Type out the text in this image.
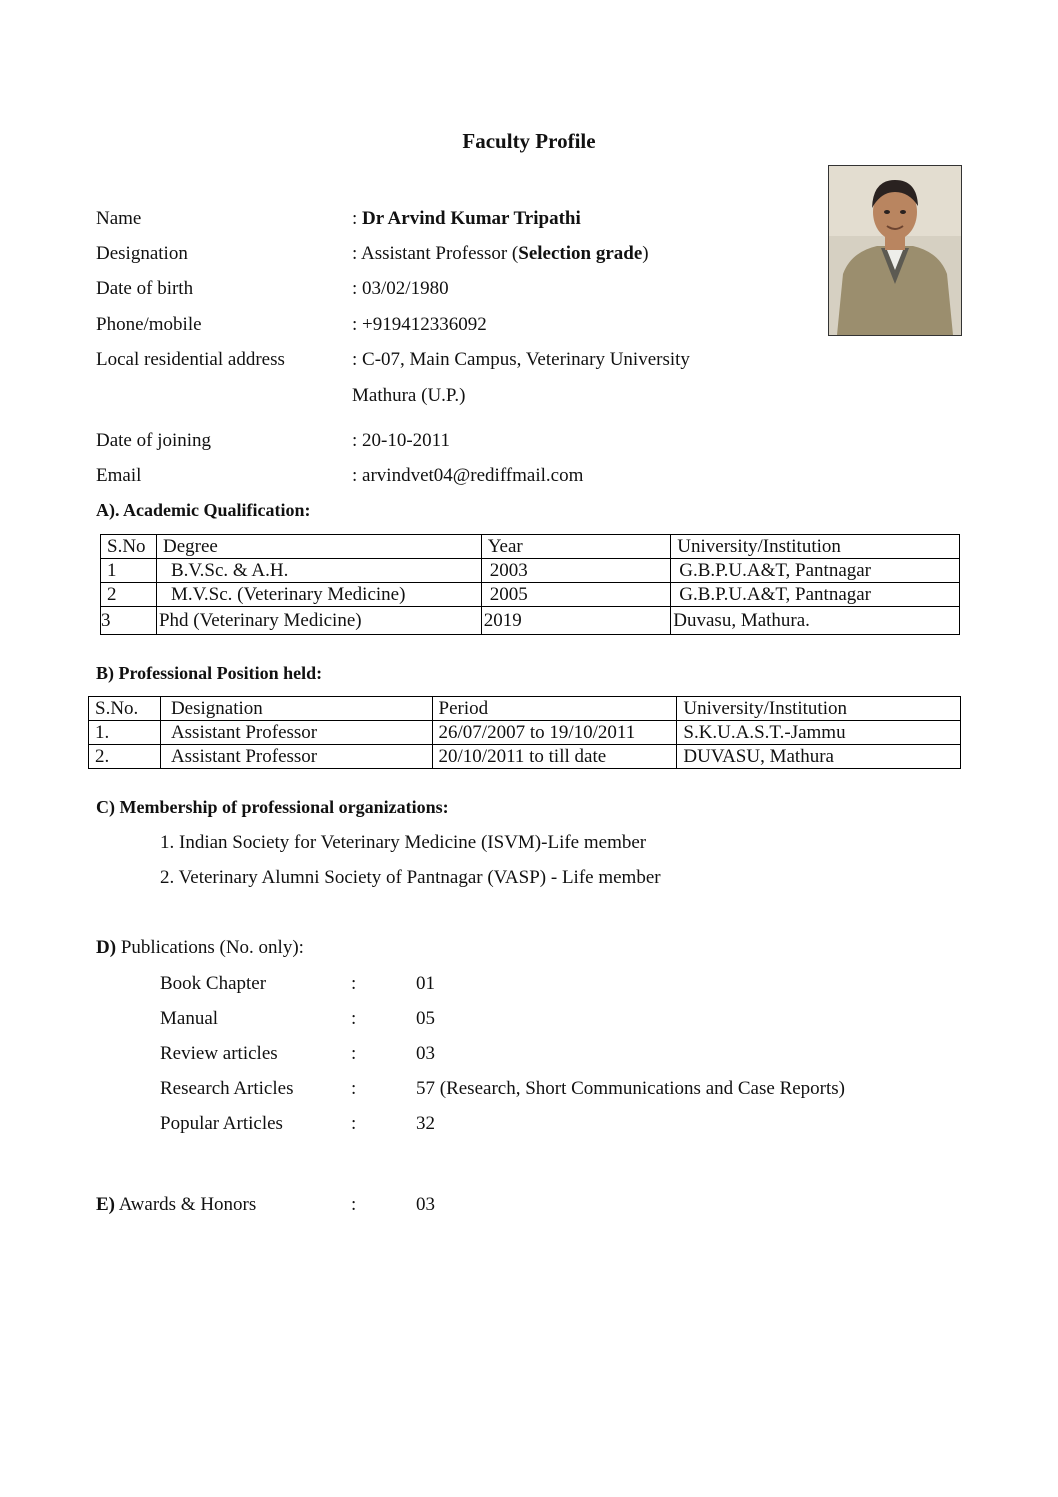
Faculty Profile
Name	: Dr Arvind Kumar Tripathi
Designation	: Assistant Professor (Selection grade)
Date of birth	: 03/02/1980
Phone/mobile	: +919412336092
Local residential address	: C-07, Main Campus, Veterinary University
Mathura (U.P.)
Date of joining	: 20-10-2011
Email	: arvindvet04@rediffmail.com
A). Academic Qualification:
S.No	Degree	Year	University/Institution
1	B.V.Sc. & A.H.	2003	G.B.P.U.A&T, Pantnagar
2	M.V.Sc. (Veterinary Medicine)	2005	G.B.P.U.A&T, Pantnagar
3	Phd (Veterinary Medicine)	2019	Duvasu, Mathura.
B) Professional Position held:
S.No.	Designation	Period	University/Institution
1.	Assistant Professor	26/07/2007 to 19/10/2011	S.K.U.A.S.T.-Jammu
2.	Assistant Professor	20/10/2011 to till date	DUVASU, Mathura
C) Membership of professional organizations:
1. Indian Society for Veterinary Medicine (ISVM)-Life member
2. Veterinary Alumni Society of Pantnagar (VASP) - Life member
D) Publications (No. only):
Book Chapter	:	01
Manual	:	05
Review articles	:	03
Research Articles	:	57 (Research, Short Communications and Case Reports)
Popular Articles	:	32
E) Awards & Honors	:	03
